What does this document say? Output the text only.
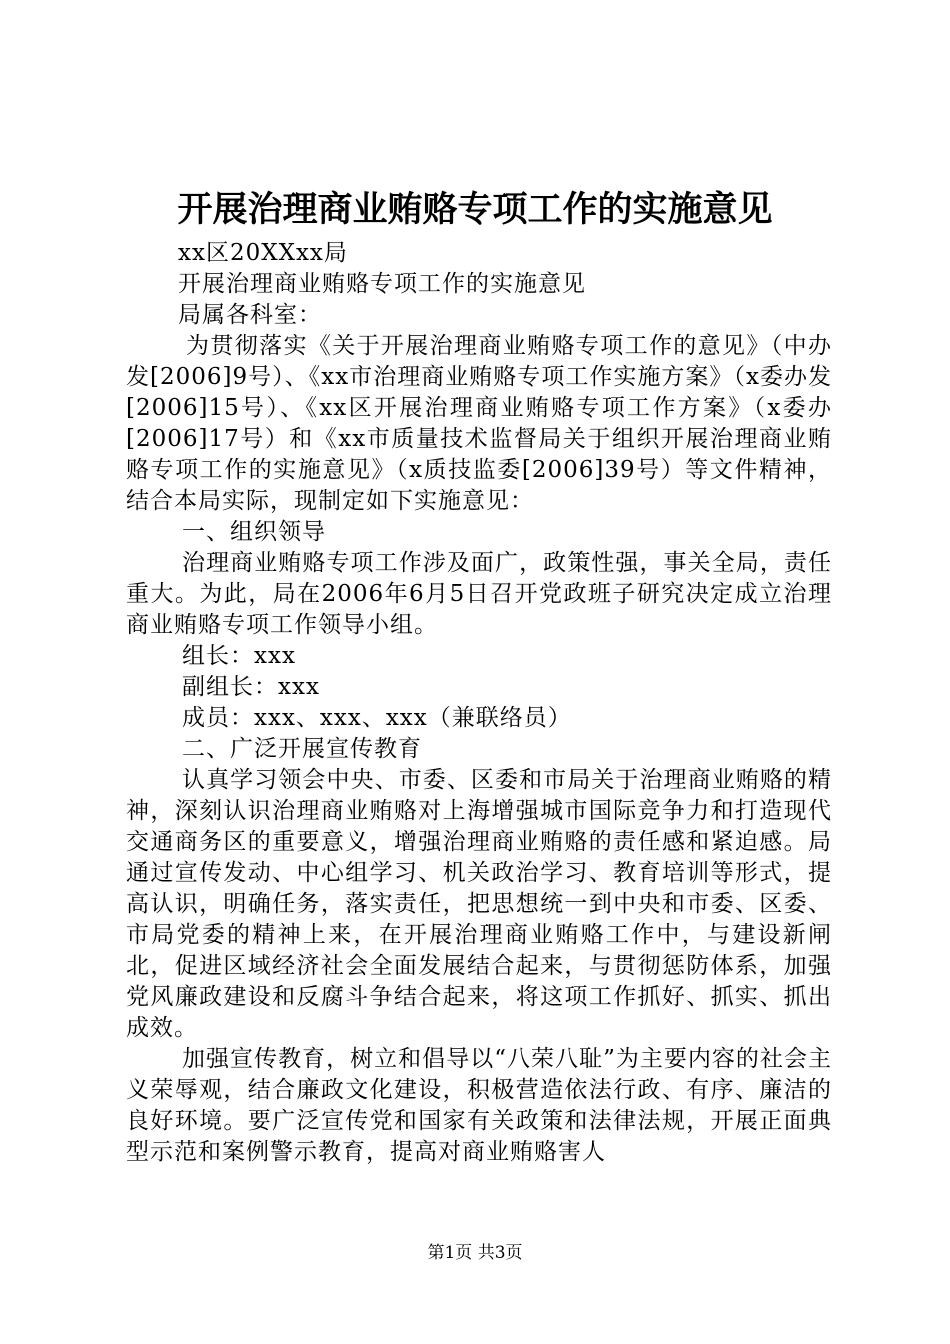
开展治理商业贿赂专项工作的实施意见

xx区20XXxx局

开展治理商业贿赂专项工作的实施意见

局属各科室：

为贯彻落实《关于开展治理商业贿赂专项工作的意见》（中办发[2006]9号）、《xx市治理商业贿赂专项工作实施方案》（x委办发[2006]15号）、《xx区开展治理商业贿赂专项工作方案》（x委办[2006]17号）和《xx市质量技术监督局关于组织开展治理商业贿赂专项工作的实施意见》（x质技监委[2006]39号）等文件精神，结合本局实际，现制定如下实施意见：

一、组织领导

治理商业贿赂专项工作涉及面广，政策性强，事关全局，责任重大。为此，局在2006年6月5日召开党政班子研究决定成立治理商业贿赂专项工作领导小组。

组长：xxx

副组长：xxx

成员：xxx、xxx、xxx（兼联络员）

二、广泛开展宣传教育

认真学习领会中央、市委、区委和市局关于治理商业贿赂的精神，深刻认识治理商业贿赂对上海增强城市国际竞争力和打造现代交通商务区的重要意义，增强治理商业贿赂的责任感和紧迫感。局通过宣传发动、中心组学习、机关政治学习、教育培训等形式，提高认识，明确任务，落实责任，把思想统一到中央和市委、区委、市局党委的精神上来，在开展治理商业贿赂工作中，与建设新闸北，促进区域经济社会全面发展结合起来，与贯彻惩防体系，加强党风廉政建设和反腐斗争结合起来，将这项工作抓好、抓实、抓出成效。

加强宣传教育，树立和倡导以“八荣八耻”为主要内容的社会主义荣辱观，结合廉政文化建设，积极营造依法行政、有序、廉洁的良好环境。要广泛宣传党和国家有关政策和法律法规，开展正面典型示范和案例警示教育，提高对商业贿赂害人

第1页 共3页
